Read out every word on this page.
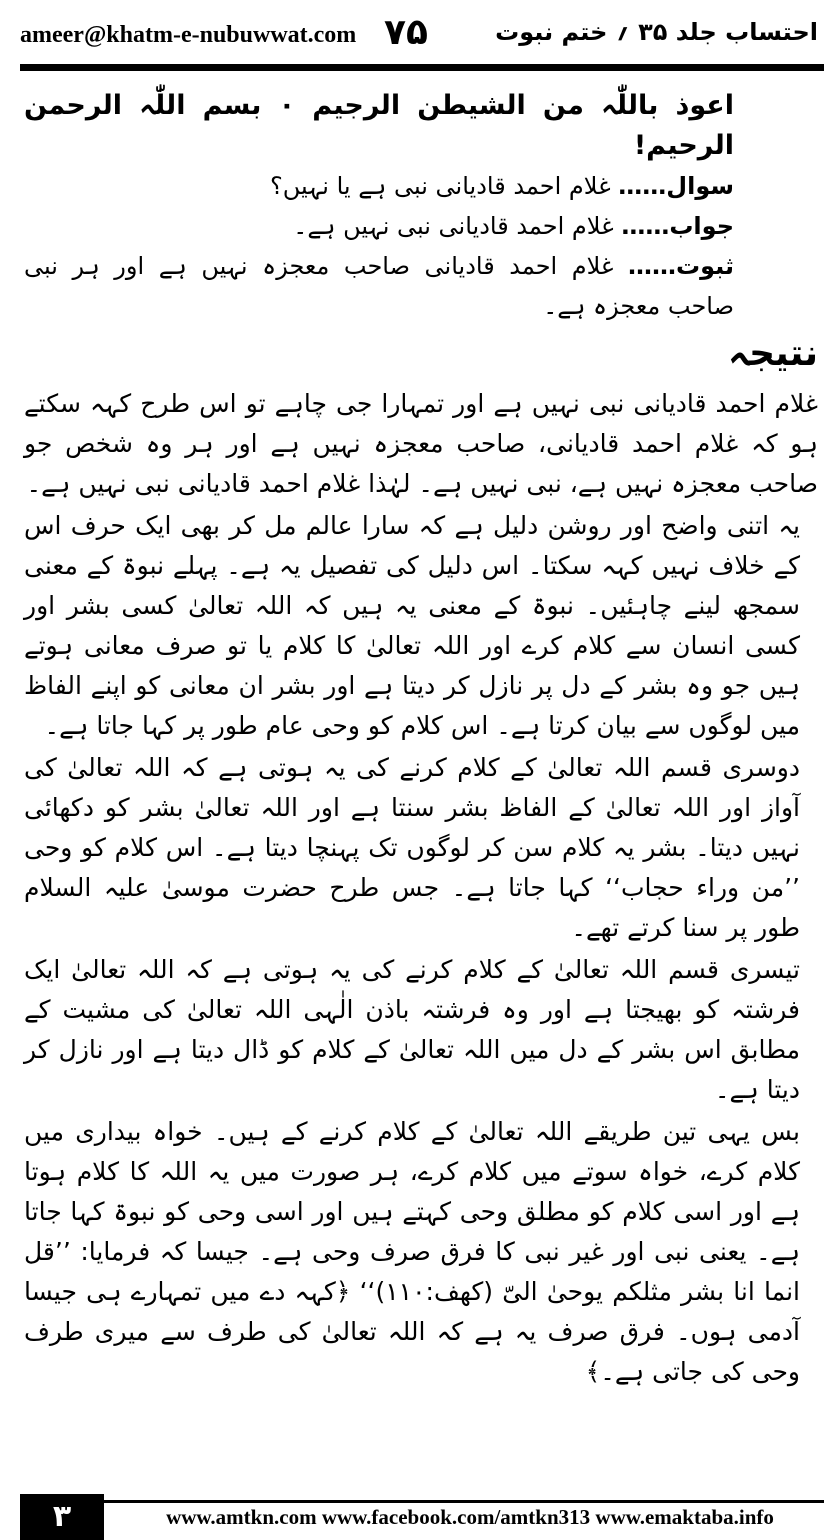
ameer@khatm-e-nubuwwat.com ۷۵	احتساب جلد ۳۵ ؍ ختم نبوت

اعوذ باللّٰہ من الشیطن الرجیم ۰ بسم اللّٰہ الرحمن الرحیم!

سوال…… غلام احمد قادیانی نبی ہے یا نہیں؟

جواب…… غلام احمد قادیانی نبی نہیں ہے۔

ثبوت…… غلام احمد قادیانی صاحب معجزہ نہیں ہے اور ہر نبی صاحب معجزہ ہے۔

نتیجہ

غلام احمد قادیانی نبی نہیں ہے اور تمہارا جی چاہے تو اس طرح کہہ سکتے ہو کہ غلام احمد قادیانی، صاحب معجزہ نہیں ہے اور ہر وہ شخص جو صاحب معجزہ نہیں ہے، نبی نہیں ہے۔ لہٰذا غلام احمد قادیانی نبی نہیں ہے۔

یہ اتنی واضح اور روشن دلیل ہے کہ سارا عالم مل کر بھی ایک حرف اس کے خلاف نہیں کہہ سکتا۔ اس دلیل کی تفصیل یہ ہے۔ پہلے نبوۃ کے معنی سمجھ لینے چاہئیں۔ نبوۃ کے معنی یہ ہیں کہ اللہ تعالیٰ کسی بشر اور کسی انسان سے کلام کرے اور اللہ تعالیٰ کا کلام یا تو صرف معانی ہوتے ہیں جو وہ بشر کے دل پر نازل کر دیتا ہے اور بشر ان معانی کو اپنے الفاظ میں لوگوں سے بیان کرتا ہے۔ اس کلام کو وحی عام طور پر کہا جاتا ہے۔

دوسری قسم اللہ تعالیٰ کے کلام کرنے کی یہ ہوتی ہے کہ اللہ تعالیٰ کی آواز اور اللہ تعالیٰ کے الفاظ بشر سنتا ہے اور اللہ تعالیٰ بشر کو دکھائی نہیں دیتا۔ بشر یہ کلام سن کر لوگوں تک پہنچا دیتا ہے۔ اس کلام کو وحی ’’من وراء حجاب‘‘ کہا جاتا ہے۔ جس طرح حضرت موسیٰ علیہ السلام طور پر سنا کرتے تھے۔

تیسری قسم اللہ تعالیٰ کے کلام کرنے کی یہ ہوتی ہے کہ اللہ تعالیٰ ایک فرشتہ کو بھیجتا ہے اور وہ فرشتہ باذن الٰہی اللہ تعالیٰ کی مشیت کے مطابق اس بشر کے دل میں اللہ تعالیٰ کے کلام کو ڈال دیتا ہے اور نازل کر دیتا ہے۔

بس یہی تین طریقے اللہ تعالیٰ کے کلام کرنے کے ہیں۔ خواہ بیداری میں کلام کرے، خواہ سوتے میں کلام کرے، ہر صورت میں یہ اللہ کا کلام ہوتا ہے اور اسی کلام کو مطلق وحی کہتے ہیں اور اسی وحی کو نبوۃ کہا جاتا ہے۔ یعنی نبی اور غیر نبی کا فرق صرف وحی ہے۔ جیسا کہ فرمایا: ’’قل انما انا بشر مثلکم یوحیٰ الیّ (کھف:۱۱۰)‘‘ ﴿کہہ دے میں تمہارے ہی جیسا آدمی ہوں۔ فرق صرف یہ ہے کہ اللہ تعالیٰ کی طرف سے میری طرف وحی کی جاتی ہے۔﴾

۳	www.amtkn.com www.facebook.com/amtkn313 www.emaktaba.info
